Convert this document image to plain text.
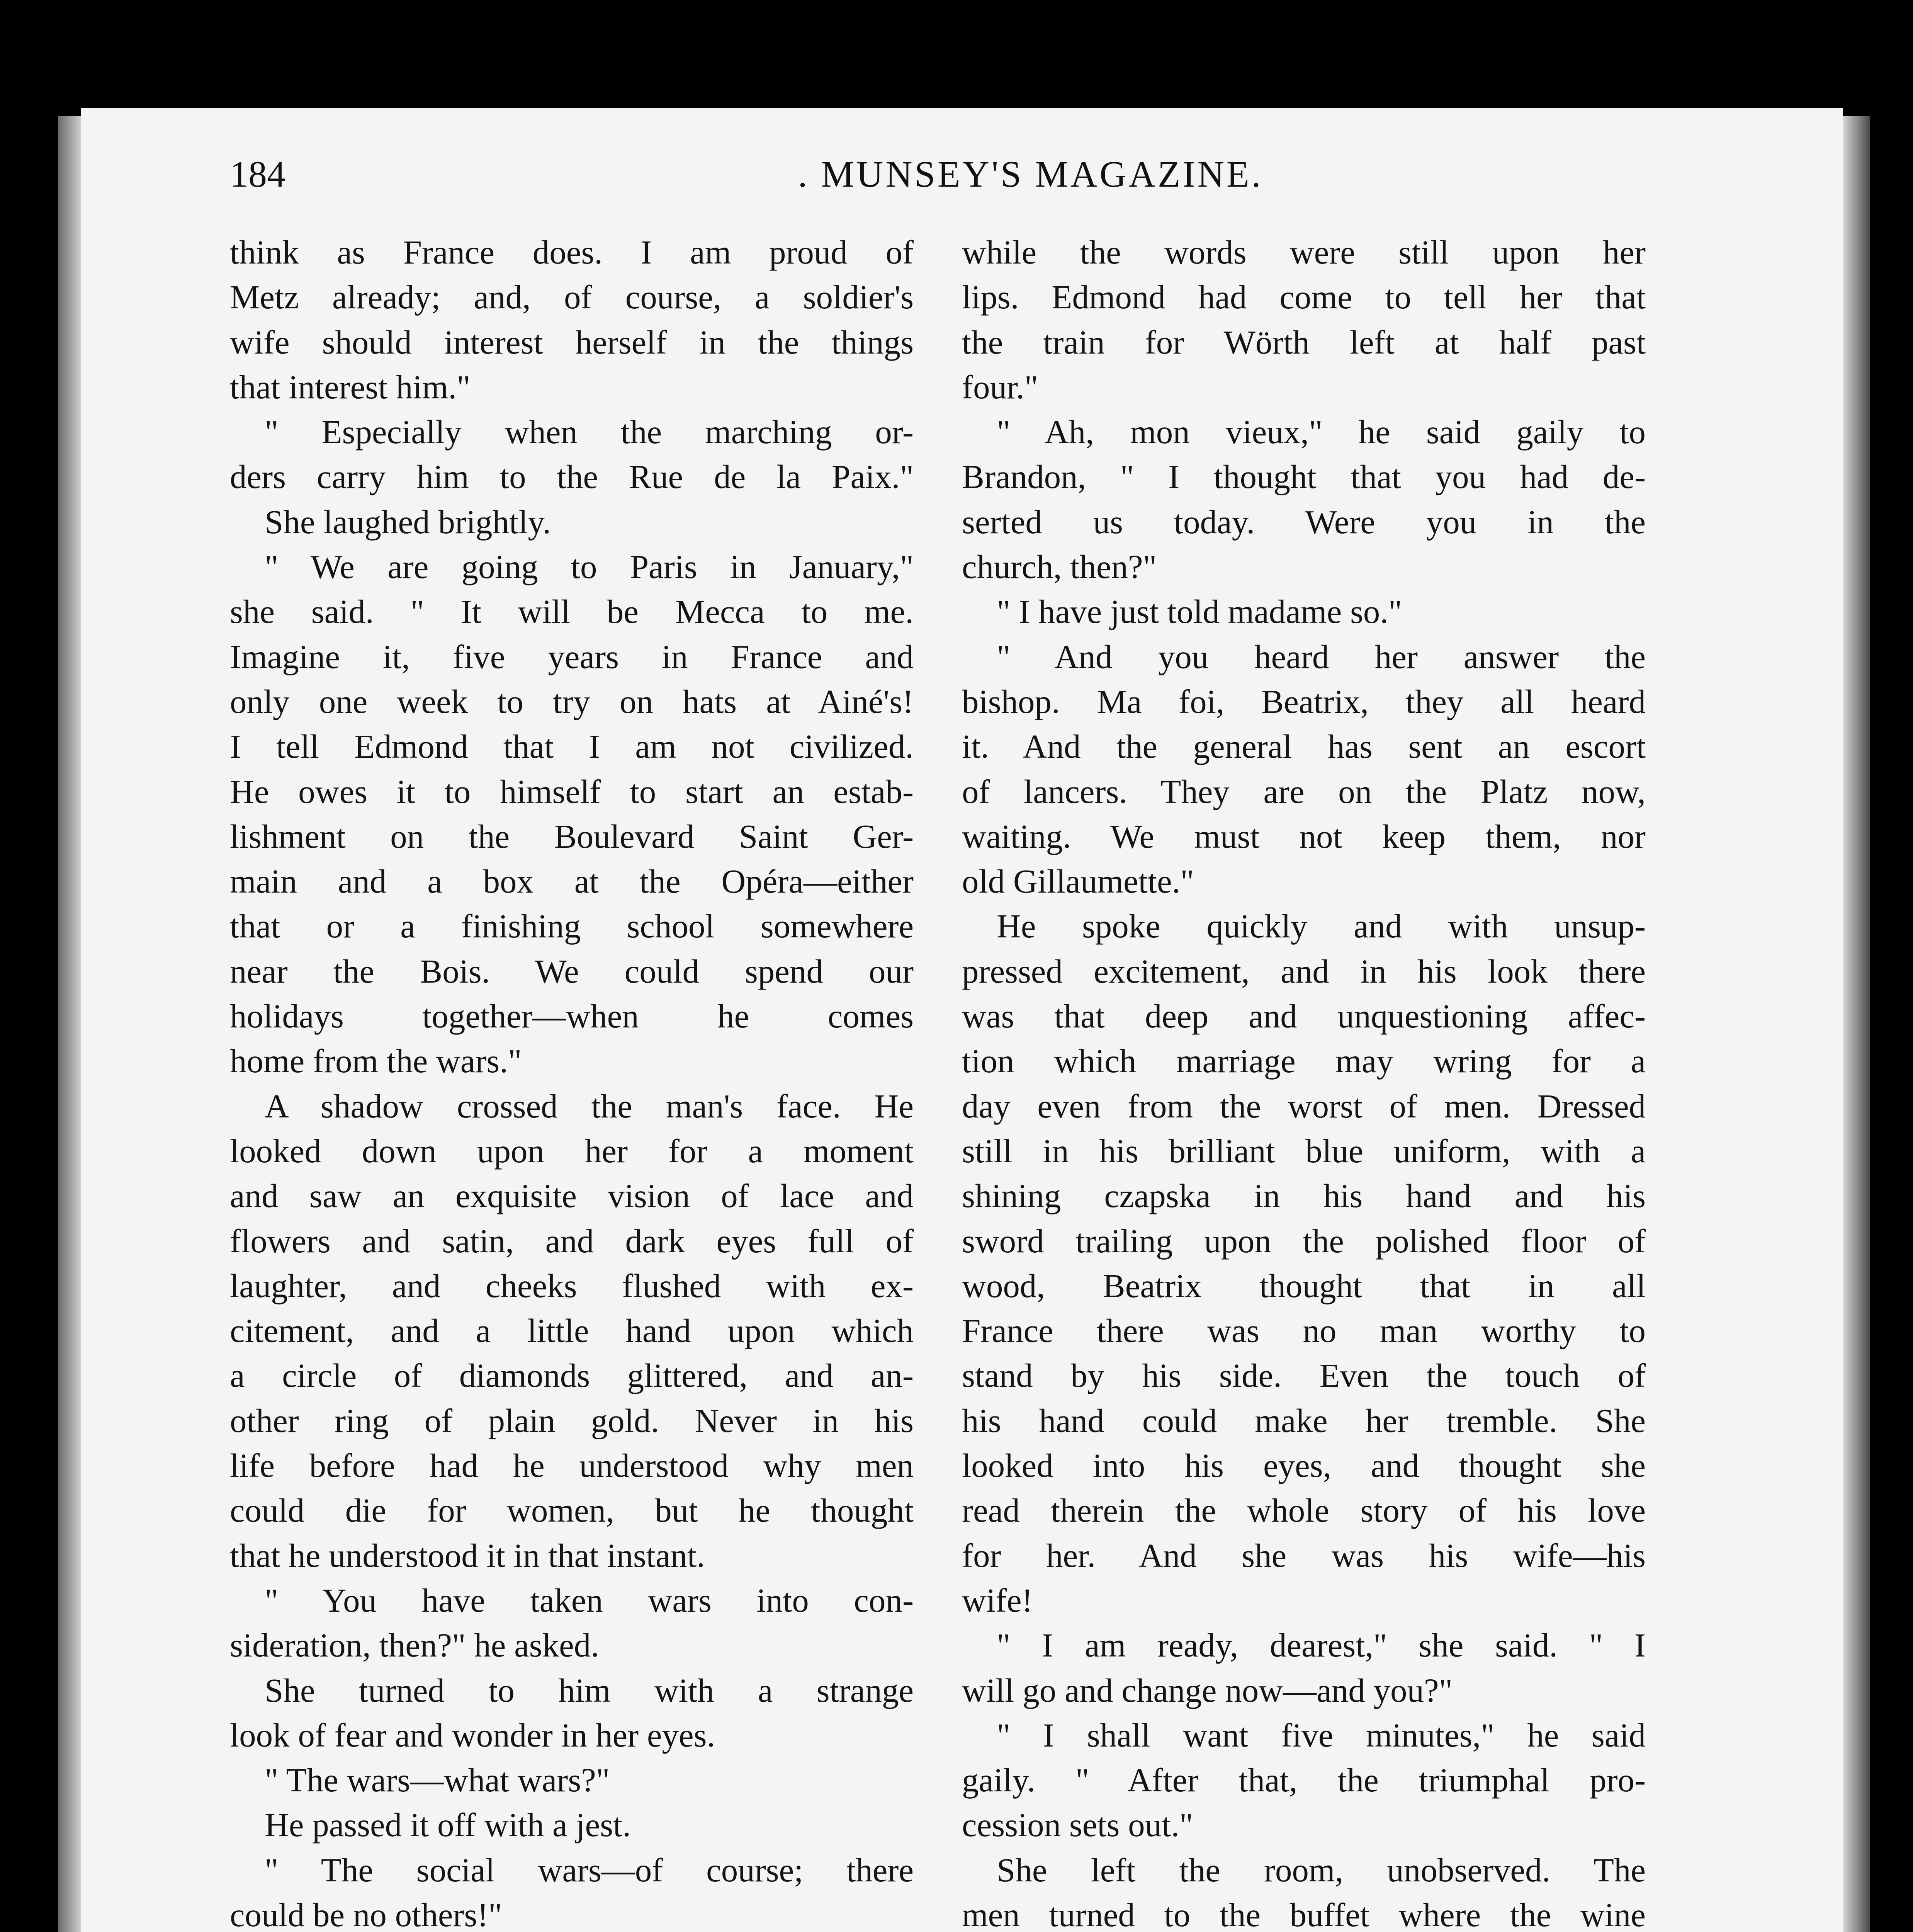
184	. MUNSEY'S MAGAZINE.
think as France does. I am proud of
Metz already; and, of course, a soldier's
wife should interest herself in the things
that interest him."
" Especially when the marching or-
ders carry him to the Rue de la Paix."
She laughed brightly.
" We are going to Paris in January,"
she said. " It will be Mecca to me.
Imagine it, five years in France and
only one week to try on hats at Ainé's!
I tell Edmond that I am not civilized.
He owes it to himself to start an estab-
lishment on the Boulevard Saint Ger-
main and a box at the Opéra—either
that or a finishing school somewhere
near the Bois. We could spend our
holidays together—when he comes
home from the wars."
A shadow crossed the man's face. He
looked down upon her for a moment
and saw an exquisite vision of lace and
flowers and satin, and dark eyes full of
laughter, and cheeks flushed with ex-
citement, and a little hand upon which
a circle of diamonds glittered, and an-
other ring of plain gold. Never in his
life before had he understood why men
could die for women, but he thought
that he understood it in that instant.
" You have taken wars into con-
sideration, then?" he asked.
She turned to him with a strange
look of fear and wonder in her eyes.
" The wars—what wars?"
He passed it off with a jest.
" The social wars—of course; there
could be no others!"
while the words were still upon her
lips. Edmond had come to tell her that
the train for Wörth left at half past
four."
" Ah, mon vieux," he said gaily to
Brandon, " I thought that you had de-
serted us today. Were you in the
church, then?"
" I have just told madame so."
" And you heard her answer the
bishop. Ma foi, Beatrix, they all heard
it. And the general has sent an escort
of lancers. They are on the Platz now,
waiting. We must not keep them, nor
old Gillaumette."
He spoke quickly and with unsup-
pressed excitement, and in his look there
was that deep and unquestioning affec-
tion which marriage may wring for a
day even from the worst of men. Dressed
still in his brilliant blue uniform, with a
shining czapska in his hand and his
sword trailing upon the polished floor of
wood, Beatrix thought that in all
France there was no man worthy to
stand by his side. Even the touch of
his hand could make her tremble. She
looked into his eyes, and thought she
read therein the whole story of his love
for her. And she was his wife—his
wife!
" I am ready, dearest," she said. " I
will go and change now—and you?"
" I shall want five minutes," he said
gaily. " After that, the triumphal pro-
cession sets out."
She left the room, unobserved. The
men turned to the buffet where the wine
